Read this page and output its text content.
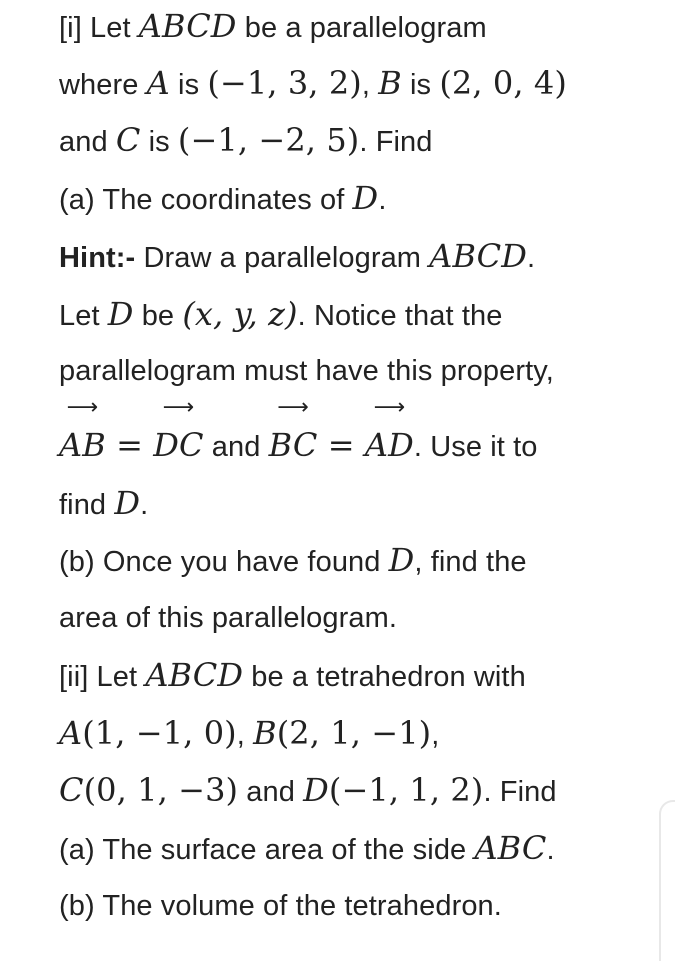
[i] Let ABCD be a parallelogram
where A is (−1, 3, 2), B is (2, 0, 4)
and C is (−1, −2, 5). Find
(a) The coordinates of D.
Hint:- Draw a parallelogram ABCD.
Let D be (x, y, z). Notice that the
parallelogram must have this property,
⟶
AB =
⟶
DC and
⟶
BC =
⟶
AD. Use it to
find D.
(b) Once you have found D, find the
area of this parallelogram.
[ii] Let ABCD be a tetrahedron with
A(1, −1, 0), B(2, 1, −1),
C(0, 1, −3) and D(−1, 1, 2). Find
(a) The surface area of the side ABC.
(b) The volume of the tetrahedron.
